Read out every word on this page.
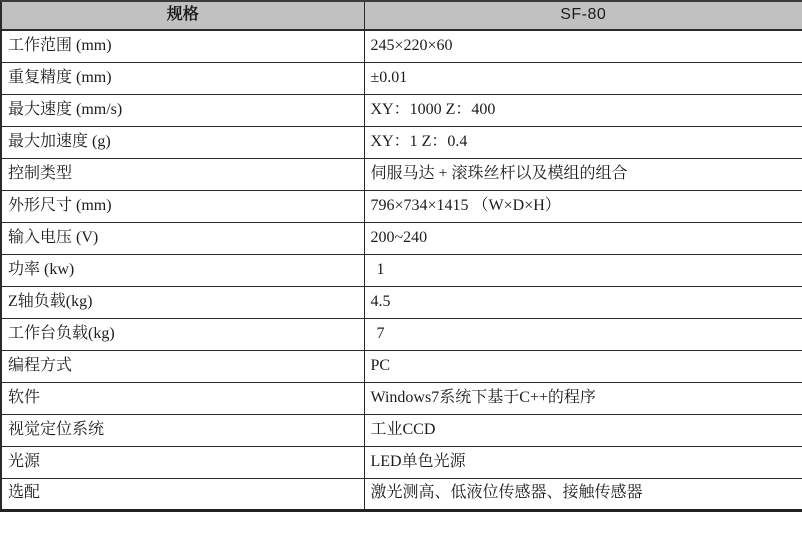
规格	SF-80
工作范围 (mm)	245×220×60
重复精度 (mm)	±0.01
最大速度 (mm/s)	XY：1000 Z：400
最大加速度 (g)	XY：1 Z：0.4
控制类型	伺服马达 + 滚珠丝杆以及模组的组合
外形尺寸 (mm)	796×734×1415 （W×D×H）
输入电压 (V)	200~240
功率 (kw)	1
Z轴负载(kg)	4.5
工作台负载(kg)	7
编程方式	PC
软件	Windows7系统下基于C++的程序
视觉定位系统	工业CCD
光源	LED单色光源
选配	激光测高、低液位传感器、接触传感器
